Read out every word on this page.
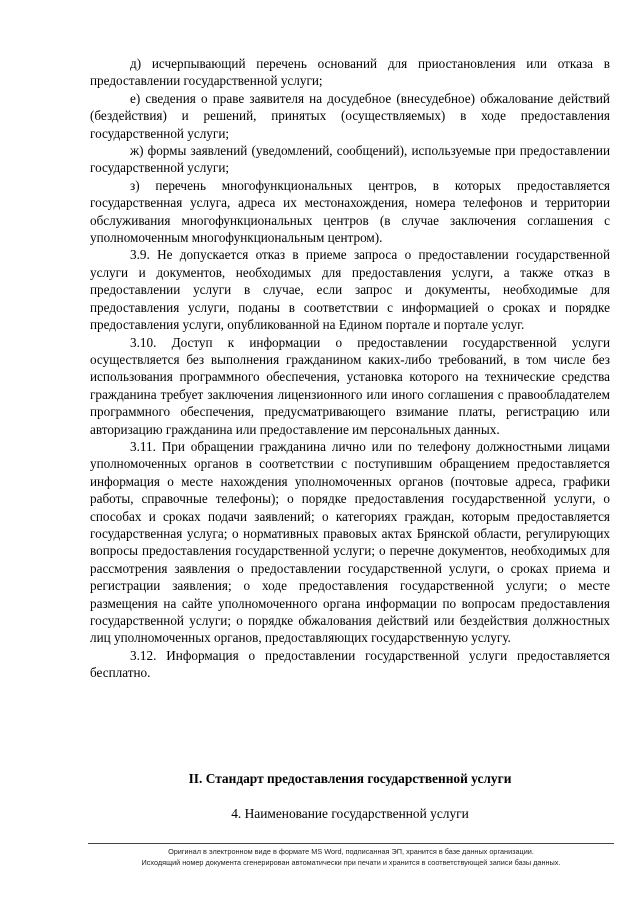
д) исчерпывающий перечень оснований для приостановления или отказа в предоставлении государственной услуги;

е) сведения о праве заявителя на досудебное (внесудебное) обжалование действий (бездействия) и решений, принятых (осуществляемых) в ходе предоставления государственной услуги;

ж) формы заявлений (уведомлений, сообщений), используемые при предоставлении государственной услуги;

з) перечень многофункциональных центров, в которых предоставляется государственная услуга, адреса их местонахождения, номера телефонов и территории обслуживания многофункциональных центров (в случае заключения соглашения с уполномоченным многофункциональным центром).

3.9. Не допускается отказ в приеме запроса о предоставлении государственной услуги и документов, необходимых для предоставления услуги, а также отказ в предоставлении услуги в случае, если запрос и документы, необходимые для предоставления услуги, поданы в соответствии с информацией о сроках и порядке предоставления услуги, опубликованной на Едином портале и портале услуг.

3.10. Доступ к информации о предоставлении государственной услуги осуществляется без выполнения гражданином каких-либо требований, в том числе без использования программного обеспечения, установка которого на технические средства гражданина требует заключения лицензионного или иного соглашения с правообладателем программного обеспечения, предусматривающего взимание платы, регистрацию или авторизацию гражданина или предоставление им персональных данных.

3.11. При обращении гражданина лично или по телефону должностными лицами уполномоченных органов в соответствии с поступившим обращением предоставляется информация о месте нахождения уполномоченных органов (почтовые адреса, графики работы, справочные телефоны); о порядке предоставления государственной услуги, о способах и сроках подачи заявлений; о категориях граждан, которым предоставляется государственная услуга; о нормативных правовых актах Брянской области, регулирующих вопросы предоставления государственной услуги; о перечне документов, необходимых для рассмотрения заявления о предоставлении государственной услуги, о сроках приема и регистрации заявления; о ходе предоставления государственной услуги; о месте размещения на сайте уполномоченного органа информации по вопросам предоставления государственной услуги; о порядке обжалования действий или бездействия должностных лиц уполномоченных органов, предоставляющих государственную услугу.

3.12. Информация о предоставлении государственной услуги предоставляется бесплатно.

II. Стандарт предоставления государственной услуги
4. Наименование государственной услуги
Оригинал в электронном виде в формате MS Word, подписанная ЭП, хранится в базе данных организации.
Исходящий номер документа сгенерирован автоматически при печати и хранится в соответствующей записи базы данных.
